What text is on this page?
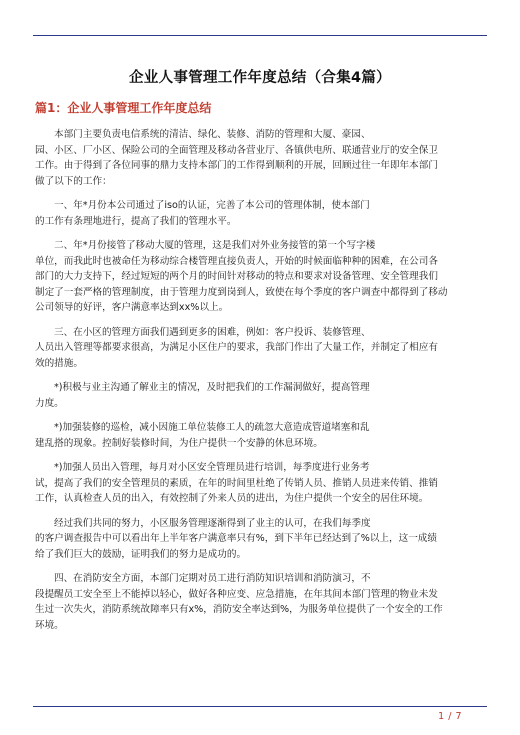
企业人事管理工作年度总结（合集4篇）
篇1：企业人事管理工作年度总结
本部门主要负责电信系统的清洁、绿化、装修、消防的管理和大厦、豪园、
园、小区、厂小区、保险公司的全面管理及移动各营业厅、各镇供电所、联通营业厅的安全保卫
工作。由于得到了各位同事的鼎力支持本部门的工作得到顺利的开展，回顾过往一年即年本部门
做了以下的工作：
一、年*月份本公司通过了iso的认证，完善了本公司的管理体制，使本部门
的工作有条理地进行，提高了我们的管理水平。
二、年*月份接管了移动大厦的管理，这是我们对外业务接管的第一个写字楼
单位，而我此时也被命任为移动综合楼管理直接负责人，开始的时候面临种种的困难，在公司各
部门的大力支持下，经过短短的两个月的时间针对移动的特点和要求对设备管理、安全管理我们
制定了一套严格的管理制度，由于管理力度到岗到人，致使在每个季度的客户调查中都得到了移动
公司领导的好评，客户满意率达到xx%以上。
三、在小区的管理方面我们遇到更多的困难，例如：客户投诉、装修管理、
人员出入管理等都要求很高，为满足小区住户的要求，我部门作出了大量工作，并制定了相应有
效的措施。
*)积极与业主沟通了解业主的情况，及时把我们的工作漏洞做好，提高管理
力度。
*)加强装修的巡检，减小因施工单位装修工人的疏忽大意造成管道堵塞和乱
建乱搭的现象。控制好装修时间，为住户提供一个安静的休息环境。
*)加强人员出入管理，每月对小区安全管理员进行培训，每季度进行业务考
试，提高了我们的安全管理员的素质，在年的时间里杜绝了传销人员、推销人员进来传销、推销
工作，认真检查人员的出入，有效控制了外来人员的进出，为住户提供一个安全的居住环境。
经过我们共同的努力，小区服务管理逐渐得到了业主的认可，在我们每季度
的客户调查报告中可以看出年上半年客户满意率只有%，到下半年已经达到了%以上，这一成绩
给了我们巨大的鼓励，证明我们的努力是成功的。
四、在消防安全方面，本部门定期对员工进行消防知识培训和消防演习，不
段提醒员工安全至上不能掉以轻心，做好各种应变、应急措施，在年其间本部门管理的物业未发
生过一次失火，消防系统故障率只有x%，消防安全率达到%，为服务单位提供了一个安全的工作
环境。
1 / 7
